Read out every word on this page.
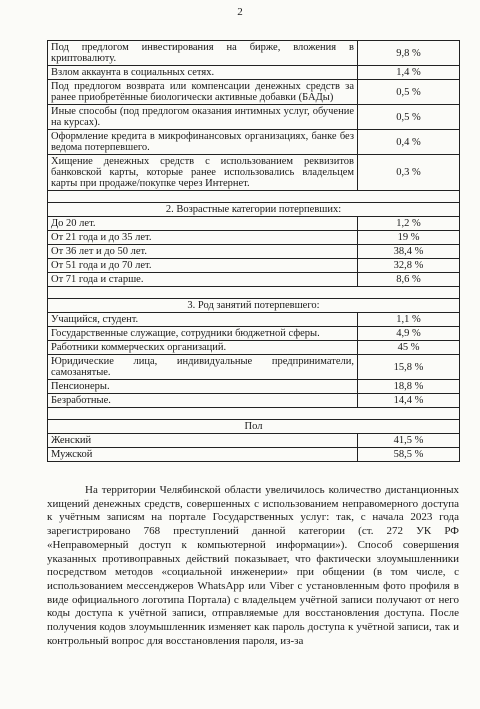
2
Под предлогом инвестирования на бирже, вложения в криптовалюту.	9,8 %
Взлом аккаунта в социальных сетях.	1,4 %
Под предлогом возврата или компенсации денежных средств за ранее приобретённые биологически активные добавки (БАДы)	0,5 %
Иные способы (под предлогом оказания интимных услуг, обучение на курсах).	0,5 %
Оформление кредита в микрофинансовых организациях, банке без ведома потерпевшего.	0,4 %
Хищение денежных средств с использованием реквизитов банковской карты, которые ранее использовались владельцем карты при продаже/покупке через Интернет.	0,3 %

2. Возрастные категории потерпевших:	
До 20 лет.	1,2 %
От 21 года и до 35 лет.	19 %
От 36 лет и до 50 лет.	38,4 %
От 51 года и до 70 лет.	32,8 %
От 71 года и старше.	8,6 %

3. Род занятий потерпевшего:	
Учащийся, студент.	1,1 %
Государственные служащие, сотрудники бюджетной сферы.	4,9 %
Работники коммерческих организаций.	45 %
Юридические лица, индивидуальные предприниматели, самозанятые.	15,8 %
Пенсионеры.	18,8 %
Безработные.	14,4 %

Пол	
Женский	41,5 %
Мужской	58,5 %

На территории Челябинской области увеличилось количество дистанционных хищений денежных средств, совершенных с использованием неправомерного доступа к учётным записям на портале Государственных услуг: так, с начала 2023 года зарегистрировано 768 преступлений данной категории (ст. 272 УК РФ «Неправомерный доступ к компьютерной информации»). Способ совершения указанных противоправных действий показывает, что фактически злоумышленники посредством методов «социальной инженерии» при общении (в том числе, с использованием мессенджеров WhatsApp или Viber с установленным фото профиля в виде официального логотипа Портала) с владельцем учётной записи получают от него коды доступа к учётной записи, отправляемые для восстановления доступа. После получения кодов злоумышленник изменяет как пароль доступа к учётной записи, так и контрольный вопрос для восстановления пароля, из-за
